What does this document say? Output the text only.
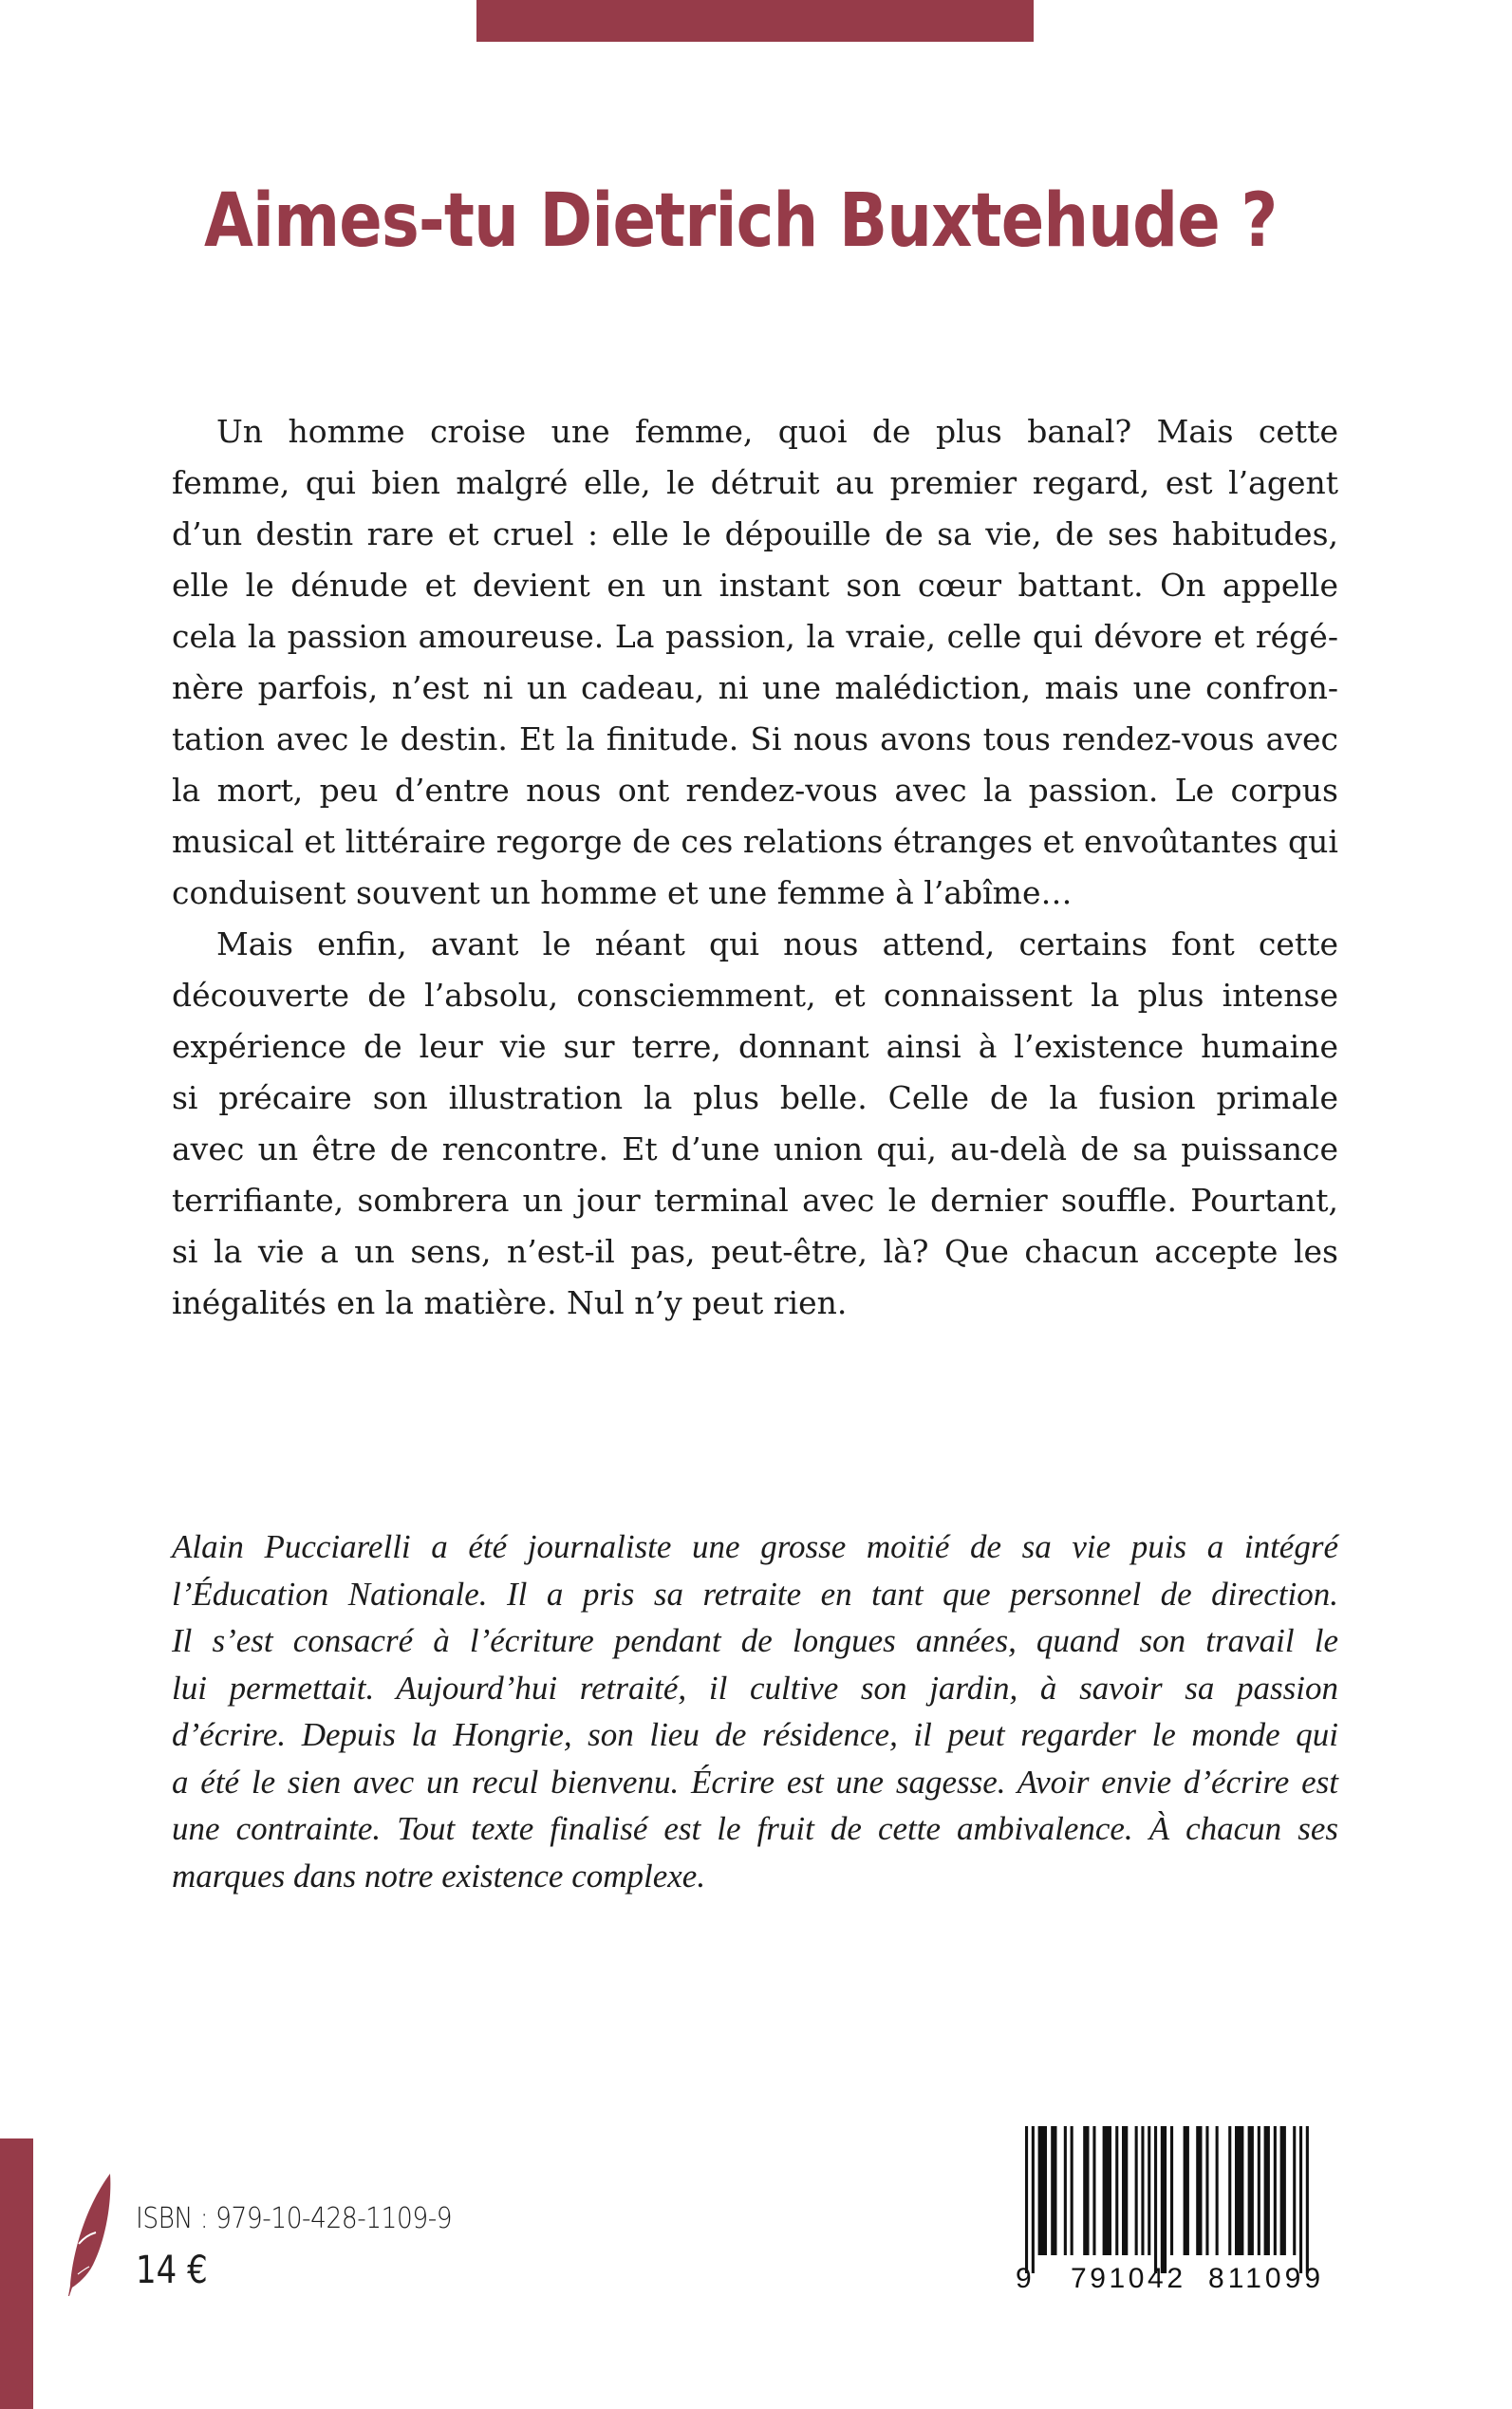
Aimes-tu Dietrich Buxtehude ?
Un homme croise une femme, quoi de plus banal? Mais cette
femme, qui bien malgré elle, le détruit au premier regard, est l’agent
d’un destin rare et cruel : elle le dépouille de sa vie, de ses habitudes,
elle le dénude et devient en un instant son cœur battant. On appelle
cela la passion amoureuse. La passion, la vraie, celle qui dévore et régé-
nère parfois, n’est ni un cadeau, ni une malédiction, mais une confron-
tation avec le destin. Et la finitude. Si nous avons tous rendez-vous avec
la mort, peu d’entre nous ont rendez-vous avec la passion. Le corpus
musical et littéraire regorge de ces relations étranges et envoûtantes qui
conduisent souvent un homme et une femme à l’abîme…
Mais enfin, avant le néant qui nous attend, certains font cette
découverte de l’absolu, consciemment, et connaissent la plus intense
expérience de leur vie sur terre, donnant ainsi à l’existence humaine
si précaire son illustration la plus belle. Celle de la fusion primale
avec un être de rencontre. Et d’une union qui, au-delà de sa puissance
terrifiante, sombrera un jour terminal avec le dernier souffle. Pourtant,
si la vie a un sens, n’est-il pas, peut-être, là? Que chacun accepte les
inégalités en la matière. Nul n’y peut rien.
Alain Pucciarelli a été journaliste une grosse moitié de sa vie puis a intégré
l’Éducation Nationale. Il a pris sa retraite en tant que personnel de direction.
Il s’est consacré à l’écriture pendant de longues années, quand son travail le
lui permettait. Aujourd’hui retraité, il cultive son jardin, à savoir sa passion
d’écrire. Depuis la Hongrie, son lieu de résidence, il peut regarder le monde qui
a été le sien avec un recul bienvenu. Écrire est une sagesse. Avoir envie d’écrire est
une contrainte. Tout texte finalisé est le fruit de cette ambivalence. À chacun ses
marques dans notre existence complexe.
ISBN : 979-10-428-1109-9
14 €	9 791042 811099
